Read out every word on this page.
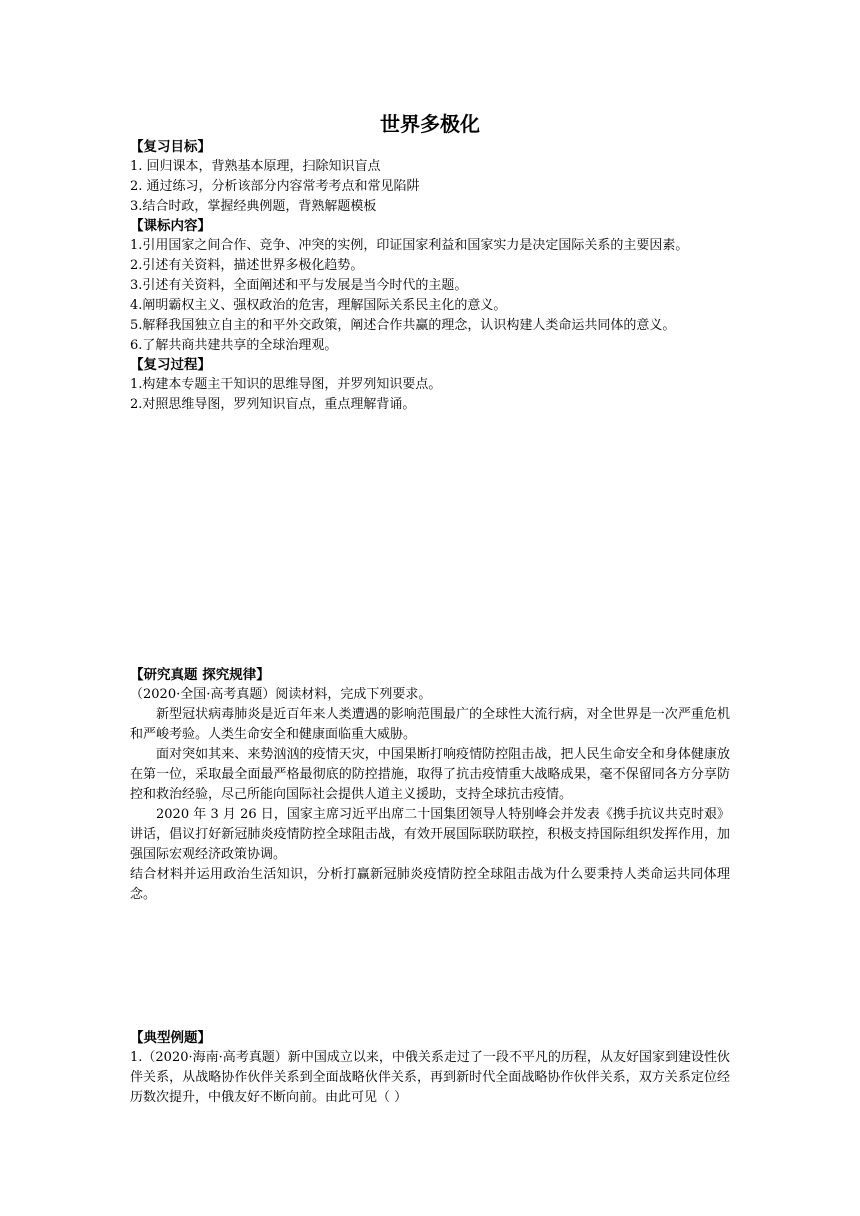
世界多极化
【复习目标】
1. 回归课本，背熟基本原理，扫除知识盲点
2. 通过练习，分析该部分内容常考考点和常见陷阱
3.结合时政，掌握经典例题，背熟解题模板
【课标内容】
1.引用国家之间合作、竞争、冲突的实例，印证国家利益和国家实力是决定国际关系的主要因素。
2.引述有关资料，描述世界多极化趋势。
3.引述有关资料，全面阐述和平与发展是当今时代的主题。
4.阐明霸权主义、强权政治的危害，理解国际关系民主化的意义。
5.解释我国独立自主的和平外交政策，阐述合作共赢的理念，认识构建人类命运共同体的意义。
6.了解共商共建共享的全球治理观。
【复习过程】
1.构建本专题主干知识的思维导图，并罗列知识要点。
2.对照思维导图，罗列知识盲点，重点理解背诵。
【研究真题 探究规律】
（2020·全国·高考真题）阅读材料，完成下列要求。
新型冠状病毒肺炎是近百年来人类遭遇的影响范围最广的全球性大流行病，对全世界是一次严重危机和严峻考验。人类生命安全和健康面临重大威胁。
面对突如其来、来势汹汹的疫情天灾，中国果断打响疫情防控阻击战，把人民生命安全和身体健康放在第一位，采取最全面最严格最彻底的防控措施，取得了抗击疫情重大战略成果，毫不保留同各方分享防控和救治经验，尽己所能向国际社会提供人道主义援助，支持全球抗击疫情。
2020 年 3 月 26 日，国家主席习近平出席二十国集团领导人特别峰会并发表《携手抗议共克时艰》讲话，倡议打好新冠肺炎疫情防控全球阻击战，有效开展国际联防联控，积极支持国际组织发挥作用，加强国际宏观经济政策协调。
结合材料并运用政治生活知识，分析打赢新冠肺炎疫情防控全球阻击战为什么要秉持人类命运共同体理念。
【典型例题】
1.（2020·海南·高考真题）新中国成立以来，中俄关系走过了一段不平凡的历程，从友好国家到建设性伙伴关系，从战略协作伙伴关系到全面战略伙伴关系，再到新时代全面战略协作伙伴关系，双方关系定位经历数次提升，中俄友好不断向前。由此可见（ ）
